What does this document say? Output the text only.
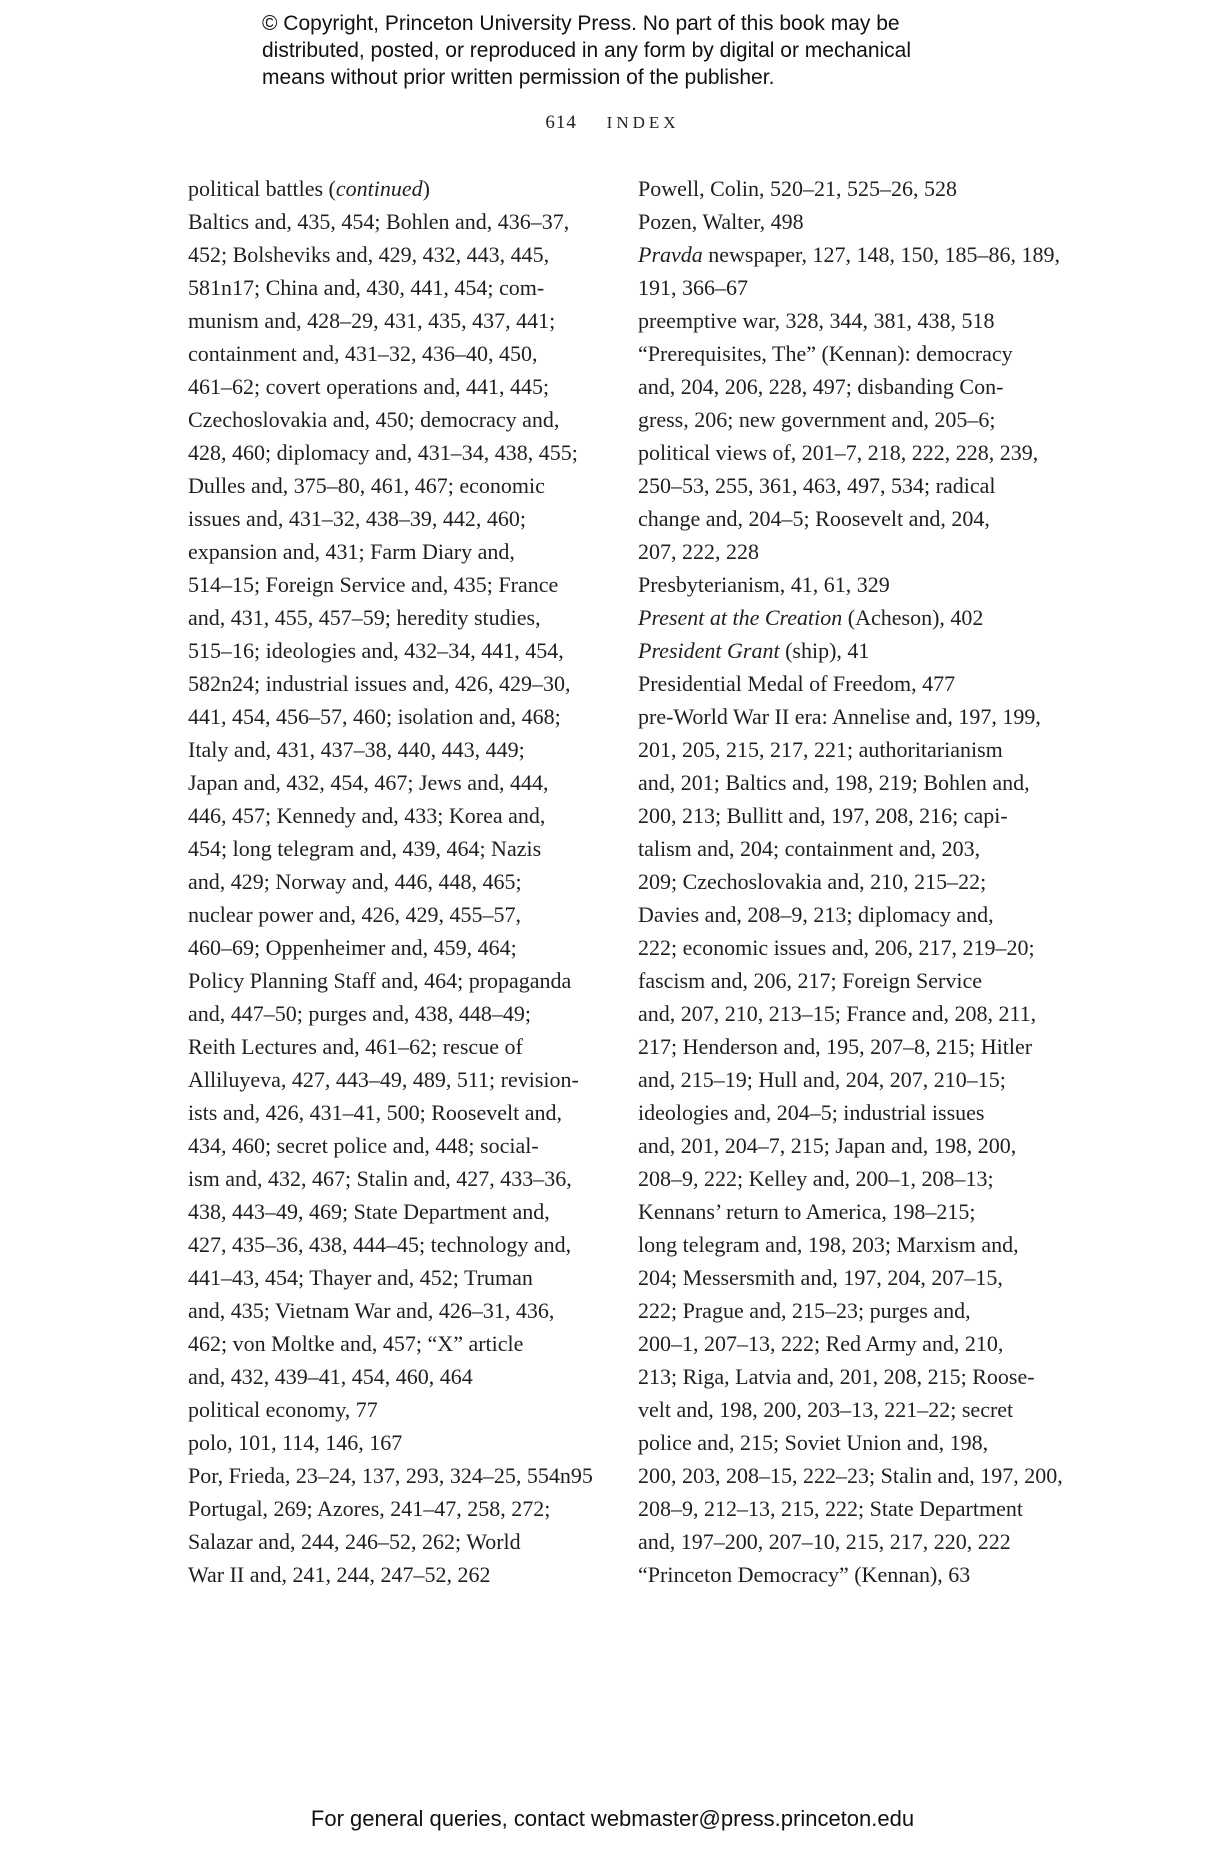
© Copyright, Princeton University Press. No part of this book may be
distributed, posted, or reproduced in any form by digital or mechanical
means without prior written permission of the publisher.
614 INDEX
political battles (continued)
Baltics and, 435, 454; Bohlen and, 436–37,
452; Bolsheviks and, 429, 432, 443, 445,
581n17; China and, 430, 441, 454; com-
munism and, 428–29, 431, 435, 437, 441;
containment and, 431–32, 436–40, 450,
461–62; covert operations and, 441, 445;
Czechoslovakia and, 450; democracy and,
428, 460; diplomacy and, 431–34, 438, 455;
Dulles and, 375–80, 461, 467; economic
issues and, 431–32, 438–39, 442, 460;
expansion and, 431; Farm Diary and,
514–15; Foreign Service and, 435; France
and, 431, 455, 457–59; heredity studies,
515–16; ideologies and, 432–34, 441, 454,
582n24; industrial issues and, 426, 429–30,
441, 454, 456–57, 460; isolation and, 468;
Italy and, 431, 437–38, 440, 443, 449;
Japan and, 432, 454, 467; Jews and, 444,
446, 457; Kennedy and, 433; Korea and,
454; long telegram and, 439, 464; Nazis
and, 429; Norway and, 446, 448, 465;
nuclear power and, 426, 429, 455–57,
460–69; Oppenheimer and, 459, 464;
Policy Planning Staff and, 464; propaganda
and, 447–50; purges and, 438, 448–49;
Reith Lectures and, 461–62; rescue of
Alliluyeva, 427, 443–49, 489, 511; revision-
ists and, 426, 431–41, 500; Roosevelt and,
434, 460; secret police and, 448; social-
ism and, 432, 467; Stalin and, 427, 433–36,
438, 443–49, 469; State Department and,
427, 435–36, 438, 444–45; technology and,
441–43, 454; Thayer and, 452; Truman
and, 435; Vietnam War and, 426–31, 436,
462; von Moltke and, 457; “X” article
and, 432, 439–41, 454, 460, 464
political economy, 77
polo, 101, 114, 146, 167
Por, Frieda, 23–24, 137, 293, 324–25, 554n95
Portugal, 269; Azores, 241–47, 258, 272;
Salazar and, 244, 246–52, 262; World
War II and, 241, 244, 247–52, 262
Powell, Colin, 520–21, 525–26, 528
Pozen, Walter, 498
Pravda newspaper, 127, 148, 150, 185–86, 189,
191, 366–67
preemptive war, 328, 344, 381, 438, 518
“Prerequisites, The” (Kennan): democracy
and, 204, 206, 228, 497; disbanding Con-
gress, 206; new government and, 205–6;
political views of, 201–7, 218, 222, 228, 239,
250–53, 255, 361, 463, 497, 534; radical
change and, 204–5; Roosevelt and, 204,
207, 222, 228
Presbyterianism, 41, 61, 329
Present at the Creation (Acheson), 402
President Grant (ship), 41
Presidential Medal of Freedom, 477
pre-World War II era: Annelise and, 197, 199,
201, 205, 215, 217, 221; authoritarianism
and, 201; Baltics and, 198, 219; Bohlen and,
200, 213; Bullitt and, 197, 208, 216; capi-
talism and, 204; containment and, 203,
209; Czechoslovakia and, 210, 215–22;
Davies and, 208–9, 213; diplomacy and,
222; economic issues and, 206, 217, 219–20;
fascism and, 206, 217; Foreign Service
and, 207, 210, 213–15; France and, 208, 211,
217; Henderson and, 195, 207–8, 215; Hitler
and, 215–19; Hull and, 204, 207, 210–15;
ideologies and, 204–5; industrial issues
and, 201, 204–7, 215; Japan and, 198, 200,
208–9, 222; Kelley and, 200–1, 208–13;
Kennans’ return to America, 198–215;
long telegram and, 198, 203; Marxism and,
204; Messersmith and, 197, 204, 207–15,
222; Prague and, 215–23; purges and,
200–1, 207–13, 222; Red Army and, 210,
213; Riga, Latvia and, 201, 208, 215; Roose-
velt and, 198, 200, 203–13, 221–22; secret
police and, 215; Soviet Union and, 198,
200, 203, 208–15, 222–23; Stalin and, 197, 200,
208–9, 212–13, 215, 222; State Department
and, 197–200, 207–10, 215, 217, 220, 222
“Princeton Democracy” (Kennan), 63
For general queries, contact webmaster@press.princeton.edu
